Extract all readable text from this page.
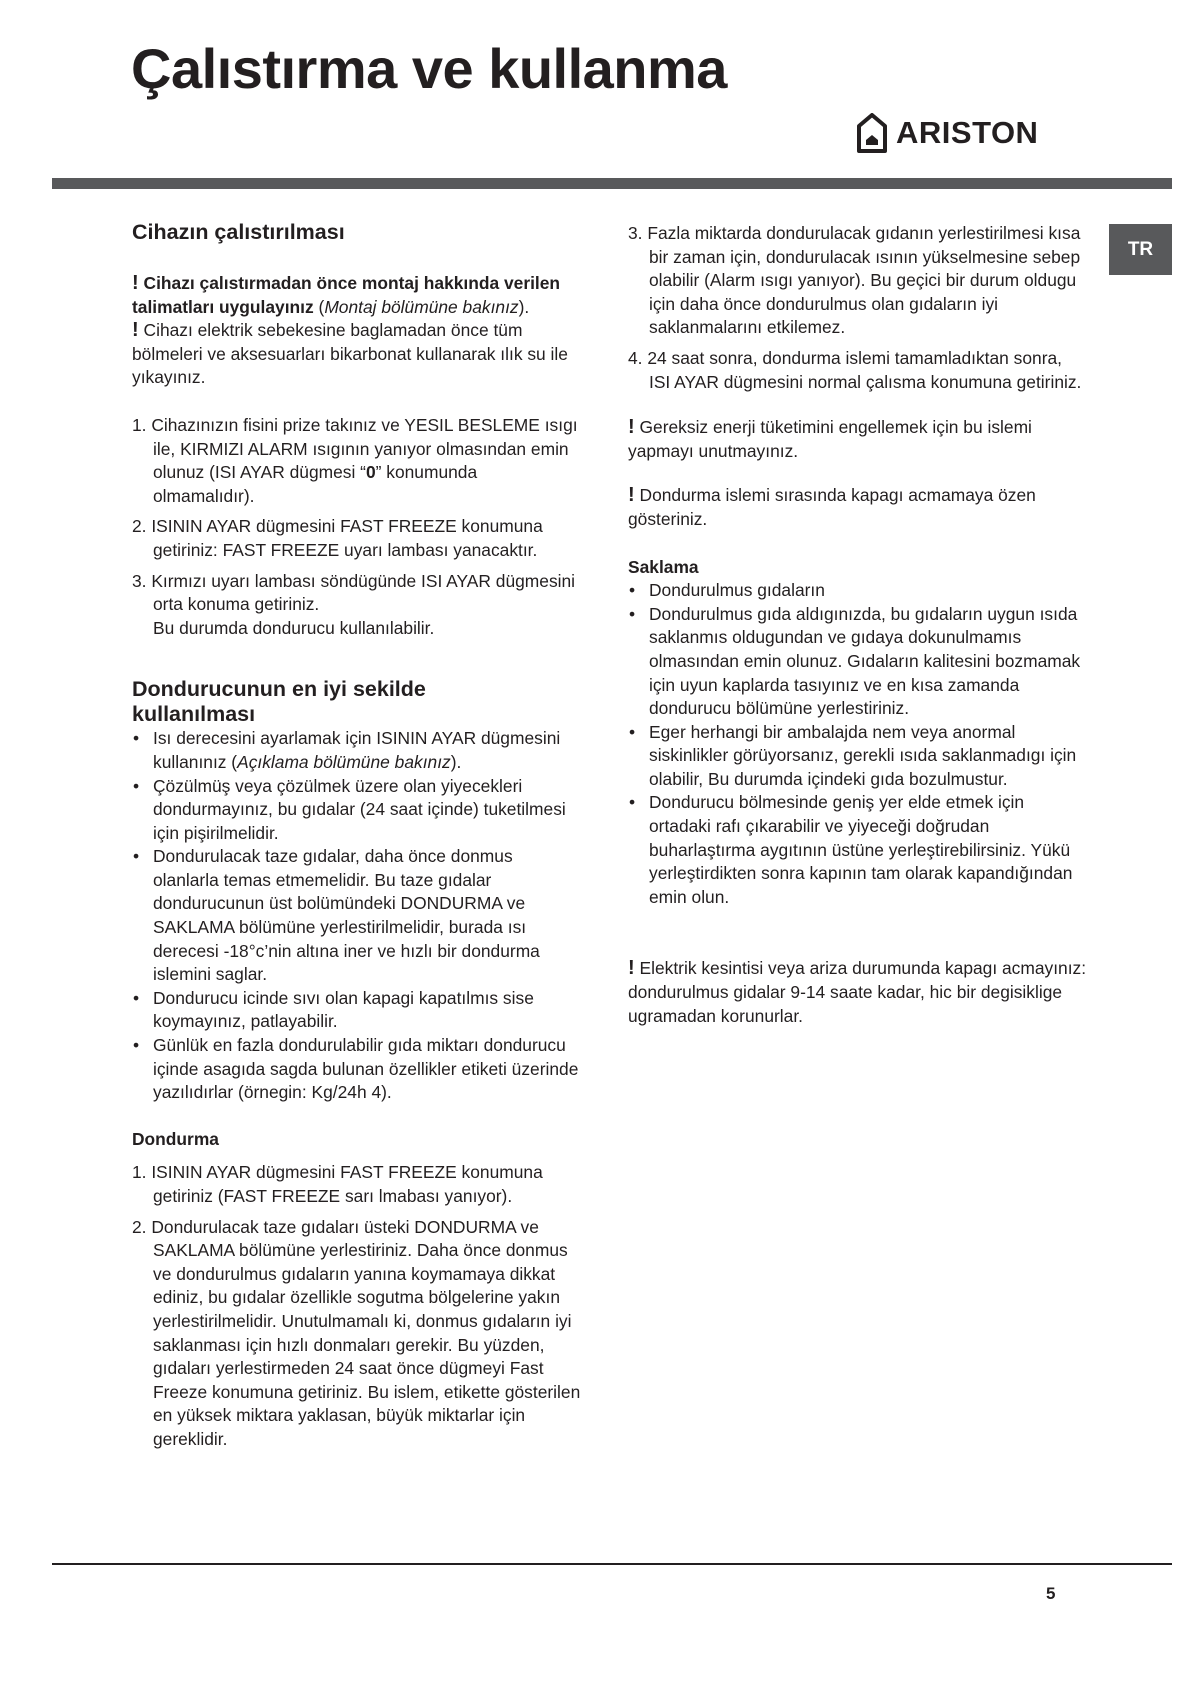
Çalıstırma ve kullanma
ARISTON
TR
Cihazın çalıstırılması

! Cihazı çalıstırmadan önce montaj hakkında verilen talimatları uygulayınız (Montaj bölümüne bakınız).

! Cihazı elektrik sebekesine baglamadan önce tüm bölmeleri ve aksesuarları bikarbonat kullanarak ılık su ile yıkayınız.

1. Cihazınızın fisini prize takınız ve YESIL BESLEME ısıgı ile, KIRMIZI ALARM ısıgının yanıyor olmasından emin olunuz (ISI AYAR dügmesi “0” konumunda olmamalıdır).
2. ISININ AYAR dügmesini FAST FREEZE konumuna getiriniz: FAST FREEZE uyarı lambası yanacaktır.
3. Kırmızı uyarı lambası söndügünde ISI AYAR dügmesini orta konuma getiriniz.
Bu durumda dondurucu kullanılabilir.
Dondurucunun en iyi sekilde
kullanılması
• Isı derecesini ayarlamak için ISININ AYAR dügmesini kullanınız (Açıklama bölümüne bakınız).
• Çözülmüş veya çözülmek üzere olan yiyecekleri dondurmayınız, bu gıdalar (24 saat içinde) tuketilmesi için pişirilmelidir.
• Dondurulacak taze gıdalar, daha önce donmus olanlarla temas etmemelidir. Bu taze gıdalar dondurucunun üst bolümündeki DONDURMA ve SAKLAMA bölümüne yerlestirilmelidir, burada ısı derecesi -18°c’nin altına iner ve hızlı bir dondurma islemini saglar.
• Dondurucu icinde sıvı olan kapagi kapatılmıs sise koymayınız, patlayabilir.
• Günlük en fazla dondurulabilir gıda miktarı dondurucu içinde asagıda sagda bulunan özellikler etiketi üzerinde yazılıdırlar (örnegin: Kg/24h 4).
Dondurma
1. ISININ AYAR dügmesini FAST FREEZE konumuna getiriniz (FAST FREEZE sarı lmabası yanıyor).
2. Dondurulacak taze gıdaları üsteki DONDURMA ve SAKLAMA bölümüne yerlestiriniz. Daha önce donmus ve dondurulmus gıdaların yanına koymamaya dikkat ediniz, bu gıdalar özellikle sogutma bölgelerine yakın yerlestirilmelidir. Unutulmamalı ki, donmus gıdaların iyi saklanması için hızlı donmaları gerekir. Bu yüzden, gıdaları yerlestirmeden 24 saat önce dügmeyi Fast Freeze konumuna getiriniz. Bu islem, etikette gösterilen en yüksek miktara yaklasan, büyük miktarlar için gereklidir.
3. Fazla miktarda dondurulacak gıdanın yerlestirilmesi kısa bir zaman için, dondurulacak ısının yükselmesine sebep olabilir (Alarm ısıgı yanıyor). Bu geçici bir durum oldugu için daha önce dondurulmus olan gıdaların iyi saklanmalarını etkilemez.
4. 24 saat sonra, dondurma islemi tamamladıktan sonra, ISI AYAR dügmesini normal çalısma konumuna getiriniz.

! Gereksiz enerji tüketimini engellemek için bu islemi yapmayı unutmayınız.

! Dondurma islemi sırasında kapagı acmamaya özen gösteriniz.

Saklama
• Dondurulmus gıdaların
• Dondurulmus gıda aldıgınızda, bu gıdaların uygun ısıda saklanmıs oldugundan ve gıdaya dokunulmamıs olmasından emin olunuz. Gıdaların kalitesini bozmamak için uyun kaplarda tasıyınız ve en kısa zamanda dondurucu bölümüne yerlestiriniz.
• Eger herhangi bir ambalajda nem veya anormal siskinlikler görüyorsanız, gerekli ısıda saklanmadıgı için olabilir, Bu durumda içindeki gıda bozulmustur.
• Dondurucu bölmesinde geniş yer elde etmek için ortadaki rafı çıkarabilir ve yiyeceği doğrudan buharlaştırma aygıtının üstüne yerleştirebilirsiniz. Yükü yerleştirdikten sonra kapının tam olarak kapandığından emin olun.

! Elektrik kesintisi veya ariza durumunda kapagı acmayınız: dondurulmus gidalar 9-14 saate kadar, hic bir degisiklige ugramadan korunurlar.

5
